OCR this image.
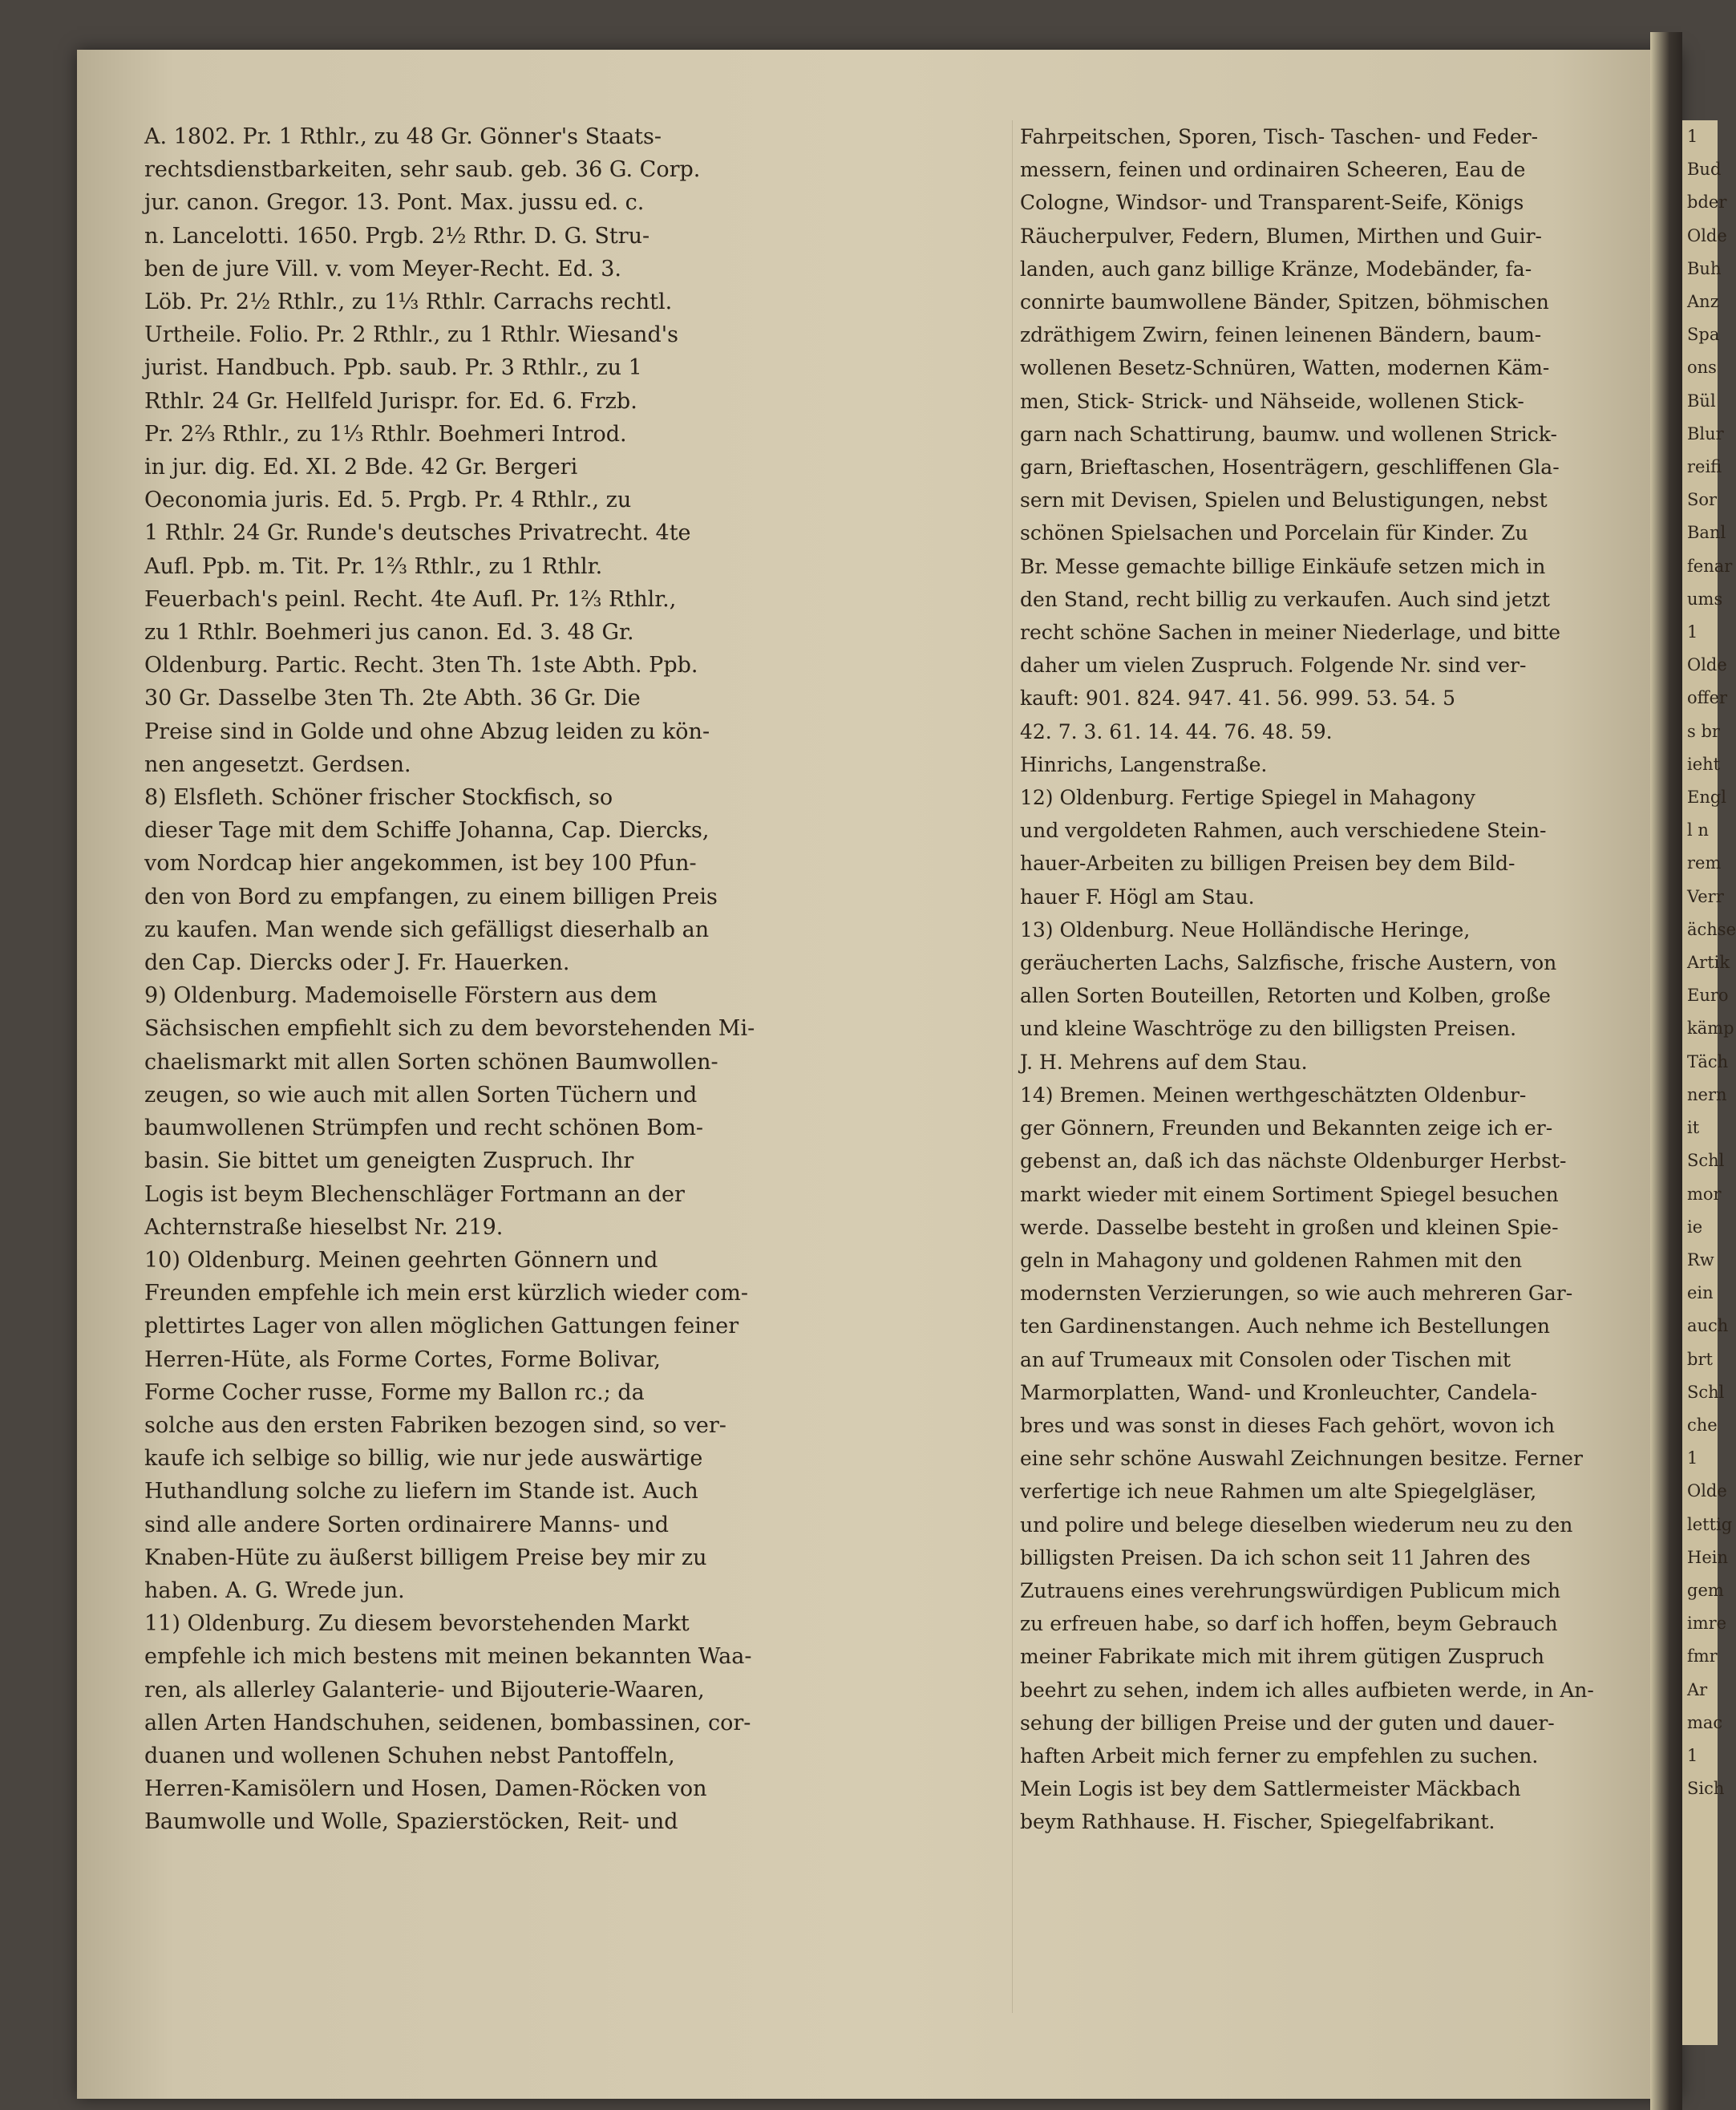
A. 1802. Pr. 1 Rthlr., zu 48 Gr. Gönner's Staats-
rechtsdienstbarkeiten, sehr saub. geb. 36 G. Corp.
jur. canon. Gregor. 13. Pont. Max. jussu ed. c.
n. Lancelotti. 1650. Prgb. 2½ Rthr. D. G. Stru-
ben de jure Vill. v. vom Meyer-Recht. Ed. 3.
Löb. Pr. 2½ Rthlr., zu 1⅓ Rthlr. Carrachs rechtl.
Urtheile. Folio. Pr. 2 Rthlr., zu 1 Rthlr. Wiesand's
jurist. Handbuch. Ppb. saub. Pr. 3 Rthlr., zu 1
Rthlr. 24 Gr. Hellfeld Jurispr. for. Ed. 6. Frzb.
Pr. 2⅔ Rthlr., zu 1⅓ Rthlr. Boehmeri Introd.
in jur. dig. Ed. XI. 2 Bde. 42 Gr. Bergeri
Oeconomia juris. Ed. 5. Prgb. Pr. 4 Rthlr., zu
1 Rthlr. 24 Gr. Runde's deutsches Privatrecht. 4te
Aufl. Ppb. m. Tit. Pr. 1⅔ Rthlr., zu 1 Rthlr.
Feuerbach's peinl. Recht. 4te Aufl. Pr. 1⅔ Rthlr.,
zu 1 Rthlr. Boehmeri jus canon. Ed. 3. 48 Gr.
Oldenburg. Partic. Recht. 3ten Th. 1ste Abth. Ppb.
30 Gr. Dasselbe 3ten Th. 2te Abth. 36 Gr. Die
Preise sind in Golde und ohne Abzug leiden zu kön-
nen angesetzt. Gerdsen.
8) Elsfleth. Schöner frischer Stockfisch, so
dieser Tage mit dem Schiffe Johanna, Cap. Diercks,
vom Nordcap hier angekommen, ist bey 100 Pfun-
den von Bord zu empfangen, zu einem billigen Preis
zu kaufen. Man wende sich gefälligst dieserhalb an
den Cap. Diercks oder J. Fr. Hauerken.
9) Oldenburg. Mademoiselle Förstern aus dem
Sächsischen empfiehlt sich zu dem bevorstehenden Mi-
chaelismarkt mit allen Sorten schönen Baumwollen-
zeugen, so wie auch mit allen Sorten Tüchern und
baumwollenen Strümpfen und recht schönen Bom-
basin. Sie bittet um geneigten Zuspruch. Ihr
Logis ist beym Blechenschläger Fortmann an der
Achternstraße hieselbst Nr. 219.
10) Oldenburg. Meinen geehrten Gönnern und
Freunden empfehle ich mein erst kürzlich wieder com-
plettirtes Lager von allen möglichen Gattungen feiner
Herren-Hüte, als Forme Cortes, Forme Bolivar,
Forme Cocher russe, Forme my Ballon rc.; da
solche aus den ersten Fabriken bezogen sind, so ver-
kaufe ich selbige so billig, wie nur jede auswärtige
Huthandlung solche zu liefern im Stande ist. Auch
sind alle andere Sorten ordinairere Manns- und
Knaben-Hüte zu äußerst billigem Preise bey mir zu
haben. A. G. Wrede jun.
11) Oldenburg. Zu diesem bevorstehenden Markt
empfehle ich mich bestens mit meinen bekannten Waa-
ren, als allerley Galanterie- und Bijouterie-Waaren,
allen Arten Handschuhen, seidenen, bombassinen, cor-
duanen und wollenen Schuhen nebst Pantoffeln,
Herren-Kamisölern und Hosen, Damen-Röcken von
Baumwolle und Wolle, Spazierstöcken, Reit- und
Fahrpeitschen, Sporen, Tisch- Taschen- und Feder-
messern, feinen und ordinairen Scheeren, Eau de
Cologne, Windsor- und Transparent-Seife, Königs
Räucherpulver, Federn, Blumen, Mirthen und Guir-
landen, auch ganz billige Kränze, Modebänder, fa-
connirte baumwollene Bänder, Spitzen, böhmischen
zdräthigem Zwirn, feinen leinenen Bändern, baum-
wollenen Besetz-Schnüren, Watten, modernen Käm-
men, Stick- Strick- und Nähseide, wollenen Stick-
garn nach Schattirung, baumw. und wollenen Strick-
garn, Brieftaschen, Hosenträgern, geschliffenen Gla-
sern mit Devisen, Spielen und Belustigungen, nebst
schönen Spielsachen und Porcelain für Kinder. Zu
Br. Messe gemachte billige Einkäufe setzen mich in
den Stand, recht billig zu verkaufen. Auch sind jetzt
recht schöne Sachen in meiner Niederlage, und bitte
daher um vielen Zuspruch. Folgende Nr. sind ver-
kauft: 901. 824. 947. 41. 56. 999. 53. 54. 5
42. 7. 3. 61. 14. 44. 76. 48. 59.
Hinrichs, Langenstraße.
12) Oldenburg. Fertige Spiegel in Mahagony
und vergoldeten Rahmen, auch verschiedene Stein-
hauer-Arbeiten zu billigen Preisen bey dem Bild-
hauer F. Högl am Stau.
13) Oldenburg. Neue Holländische Heringe,
geräucherten Lachs, Salzfische, frische Austern, von
allen Sorten Bouteillen, Retorten und Kolben, große
und kleine Waschtröge zu den billigsten Preisen.
J. H. Mehrens auf dem Stau.
14) Bremen. Meinen werthgeschätzten Oldenbur-
ger Gönnern, Freunden und Bekannten zeige ich er-
gebenst an, daß ich das nächste Oldenburger Herbst-
markt wieder mit einem Sortiment Spiegel besuchen
werde. Dasselbe besteht in großen und kleinen Spie-
geln in Mahagony und goldenen Rahmen mit den
modernsten Verzierungen, so wie auch mehreren Gar-
ten Gardinenstangen. Auch nehme ich Bestellungen
an auf Trumeaux mit Consolen oder Tischen mit
Marmorplatten, Wand- und Kronleuchter, Candela-
bres und was sonst in dieses Fach gehört, wovon ich
eine sehr schöne Auswahl Zeichnungen besitze. Ferner
verfertige ich neue Rahmen um alte Spiegelgläser,
und polire und belege dieselben wiederum neu zu den
billigsten Preisen. Da ich schon seit 11 Jahren des
Zutrauens eines verehrungswürdigen Publicum mich
zu erfreuen habe, so darf ich hoffen, beym Gebrauch
meiner Fabrikate mich mit ihrem gütigen Zuspruch
beehrt zu sehen, indem ich alles aufbieten werde, in An-
sehung der billigen Preise und der guten und dauer-
haften Arbeit mich ferner zu empfehlen zu suchen.
Mein Logis ist bey dem Sattlermeister Mäckbach
beym Rathhause. H. Fischer, Spiegelfabrikant.
1
Bud
bder
Olde
Buh
Anz
Spa
ons
Bül
Blur
reifi
Sor
Banl
fenar
ums
1
Olde
offer
s br
ieht
Engl
l n
rem
Verr
ächse
Artik
Euro
kämp
Täch
nern
it
Schl
mor
ie
Rw
ein
auch
brt
Schl
che
1
Olde
lettig
Hein
gem
imre
fmr
Ar
mac
1
Sich
